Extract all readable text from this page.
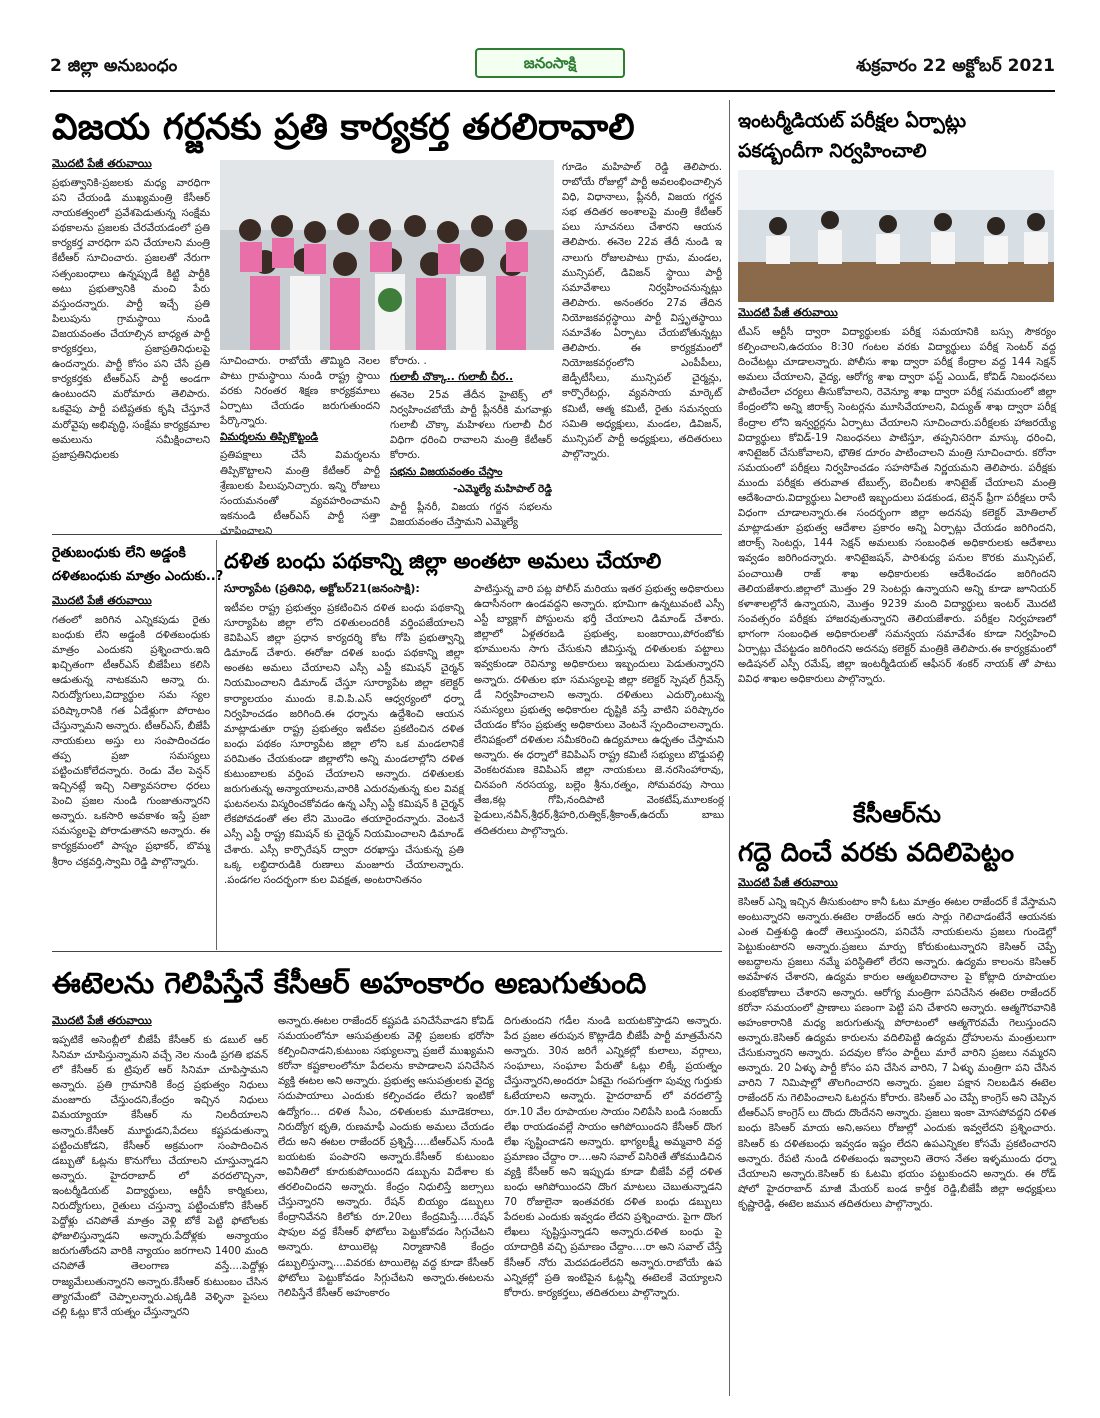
2 జిల్లా అనుబంధం	జనంసాక్షి	శుక్రవారం 22 అక్టోబర్ 2021
విజయ గర్జనకు ప్రతి కార్యకర్త తరలిరావాలి
మొదటి పేజీ తరువాయి
ప్రభుత్వానికి-ప్రజలకు మధ్య వారధిగా పని చేయండి ముఖ్యమంత్రి కేసీఆర్ నాయకత్వంలో ప్రవేశపెడుతున్న సంక్షేమ పథకాలను ప్రజలకు చేరవేయడంలో ప్రతి కార్యకర్త వారధిగా పని చేయాలని మంత్రి కేటీఆర్ సూచించారు. ప్రజలతో నేరుగా సత్సంబంధాలు ఉన్నప్పుడే కిట్టి పార్టీకి అటు ప్రభుత్వానికి మంచి పేరు వస్తుందన్నారు. పార్టీ ఇచ్చే ప్రతి పిలుపును గ్రామస్థాయి నుండి విజయవంతం చేయాల్సిన బాధ్యత పార్టీ కార్యకర్తలు, ప్రజాప్రతినిధులపై ఉందన్నారు. పార్టీ కోసం పని చేసే ప్రతి కార్యకర్తకు టీఆర్ఎస్ పార్టీ అండగా ఉంటుందని మరోమారు తెలిపారు. ఒకవైపు పార్టీ పటిష్టతకు కృషి చేస్తూనే మరోవైపు అభివృద్ధి, సంక్షేమ కార్యక్రమాల అమలును సమీక్షించాలని ప్రజాప్రతినిధులకు
సూచించారు. రాబోయే తొమ్మిది నెలల పాటు గ్రామస్థాయి నుండి రాష్ట్ర స్థాయి వరకు నిరంతర శిక్షణ కార్యక్రమాలు ఏర్పాటు చేయడం జరుగుతుందని పేర్కొన్నారు.
విమర్శలను తిప్పికొట్టండి
ప్రతిపక్షాలు చేసే విమర్శలను తిప్పికొట్టాలని మంత్రి కేటీఆర్ పార్టీ శ్రేణులకు పిలుపునిచ్చారు. ఇన్ని రోజులు సంయమనంతో వ్యవహరించామని ఇకనుండి టీఆర్ఎస్ పార్టీ సత్తా చూపించాలని
కోరారు. .
గులాబీ చొక్కా.. గులాబీ చీర..
ఈనెల 25వ తేదీన హైటెక్స్ లో నిర్వహించబోయే పార్టీ ప్లీనరీకి మగవాళ్లు గులాబీ చొక్కా మహిళలు గులాబీ చీర విధిగా ధరించి రావాలని మంత్రి కేటీఆర్ కోరారు.
సభను విజయవంతం చేస్తాం
-ఎమ్మెల్యే మహిపాల్ రెడ్డి
పార్టీ ప్లీనరీ, విజయ గర్జన సభలను విజయవంతం చేస్తామని ఎమ్మెల్యే
గూడెం మహిపాల్ రెడ్డి తెలిపారు. రాబోయే రోజుల్లో పార్టీ అవలంభించాల్సిన విధి, విధానాలు, ప్లీనరీ, విజయ గర్జన సభ తదితర అంశాలపై మంత్రి కేటీఆర్ పలు సూచనలు చేశారని ఆయన తెలిపారు. ఈనెల 22వ తేదీ నుండి ఇ నాలుగు రోజులపాటు గ్రామ, మండల, మున్సిపల్, డివిజన్ స్థాయి పార్టీ సమావేశాలు నిర్వహించనున్నట్లు తెలిపారు. అనంతరం 27వ తేదిన నియోజకవర్గస్థాయి పార్టీ విస్తృతస్థాయి సమావేశం ఏర్పాటు చేయబోతున్నట్లు తెలిపారు. ఈ కార్యక్రమంలో నియోజకవర్గంలోని ఎంపీపీలు, జెడ్పీటీసీలు, మున్సిపల్ చైర్మన్లు, కార్పొరేటర్లు, వ్యవసాయ మార్కెట్ కమిటీ, ఆత్మ కమిటీ, రైతు సమన్వయ సమితి అధ్యక్షులు, మండల, డివిజన్, మున్సిపల్ పార్టీ అధ్యక్షులు, తదితరులు పాల్గొన్నారు.
ఇంటర్మీడియట్ పరీక్షల ఏర్పాట్లు
పకడ్బందీగా నిర్వహించాలి
మొదటి పేజీ తరువాయి
టీఎస్ ఆర్టీసీ ద్వారా విద్యార్థులకు పరీక్ష సమయానికి బస్సు సౌకర్యం కల్పించాలని,ఉదయం 8:30 గంటల వరకు విద్యార్థులు పరీక్ష సెంటర్ వద్ద దించేటట్లు చూడాలన్నారు. పోలీసు శాఖ ద్వారా పరీక్ష కేంద్రాల వద్ద 144 సెక్షన్ అమలు చేయాలని, వైద్య, ఆరోగ్య శాఖ ద్వారా ఫస్ట్ ఎయిడ్, కోవిడ్ నిబంధనలు పాటించేలా చర్యలు తీసుకోవాలని, రెవెన్యూ శాఖ ద్వారా పరీక్ష సమయంలో జిల్లా కేంద్రంలోని అన్ని జిరాక్స్ సెంటర్లను మూసివేయాలని, విద్యుత్ శాఖ ద్వారా పరీక్ష కేంద్రాల లోని ఇన్వర్టర్లను ఏర్పాటు చేయాలని సూచించారు.పరీక్షలకు హాజరయ్యే విద్యార్థులు కోవిడ్-19 నిబంధనలు పాటిస్తూ, తప్పనిసరిగా మాస్కు ధరించి, శానిటైజర్ చేసుకోవాలని, భౌతిక దూరం పాటించాలని మంత్రి సూచించారు. కరోనా సమయంలో పరీక్షలు నిర్వహించడం సహసోపేత నిర్ణయమని తెలిపారు. పరీక్షకు ముందు పరీక్షకు తరువాత టేబుల్స్, బెంచీలకు శానిటైజ్ చేయాలని మంత్రి ఆదేశించారు.విద్యార్థులు ఏలాంటి ఇబ్బందులు పడకుండ, టెన్షన్ ఫ్రీగా పరీక్షలు రాసే విధంగా చూడాలన్నారు.ఈ సందర్భంగా జిల్లా అదనపు కలెక్టర్ మోతిలాల్ మాట్లాడుతూ ప్రభుత్వ ఆదేశాల ప్రకారం అన్ని ఏర్పాట్లు చేయడం జరిగిందని, జిరాక్స్ సెంటర్లు, 144 సెక్షన్ అమలుకు సంబంధిత అధికారులకు ఆదేశాలు ఇవ్వడం జరిగిందన్నారు. శానిటైజషన్, పారిశుధ్య పనుల కొరకు మున్సిపల్, పంచాయితీ రాజ్ శాఖ అధికారులకు ఆదేశించడం జరిగిందని తెలియజేశారు.జిల్లాలో మొత్తం 29 సెంటర్లు ఉన్నాయని అన్ని కూడా జూనియర్ కళాశాలల్లోనే ఉన్నాయని, మొత్తం 9239 మంది విద్యార్థులు ఇంటర్ మొదటి సంవత్సరం పరీక్షకు హాజరవుతున్నారని తెలియజేశారు. పరీక్షల నిర్వహణలో భాగంగా సంబంధిత అధికారులతో సమన్వయ సమావేశం కూడా నిర్వహించి ఏర్పాట్లు చేపట్టడం జరిగిందని అదనపు కలెక్టర్ మంత్రికి తెలిపారు.ఈ కార్యక్రమంలో అడిషనల్ ఎస్పీ రమేష్, జిల్లా ఇంటర్మీడియట్ ఆఫీసర్ శంకర్ నాయక్ తో పాటు వివిధ శాఖల అధికారులు పాల్గొన్నారు.
రైతుబంధుకు లేని అడ్డంకి
దళితబంధుకు మాత్రం ఎందుకు..?
మొదటి పేజీ తరువాయి
గతంలో జరిగిన ఎన్నికపుడు రైతు బంధుకు లేని అడ్డంకి దళితబంధుకు మాత్రం ఎందుకని ప్రశ్నించారు.ఇది ఖచ్చితంగా టీఆర్ఎస్ బీజేపీలు కలిసి ఆడుతున్న నాటకమని అన్నా రు. నిరుద్యోగులు,విద్యార్థుల సమ స్యల పరిష్కారానికి గత ఏడేళ్లుగా పోరాటం చేస్తున్నామని అన్నారు. టీఆర్ఎస్, బీజేపీ నాయకులు అస్తు లు సంపాదించడం తప్ప ప్రజా సమస్యలు పట్టించుకోలేదన్నారు. రెండు వేల పెన్షన్ ఇచ్చినట్లే ఇచ్చి నిత్యావసరాల ధరలు పెంచి ప్రజల నుండి గుంజుతున్నారని అన్నారు. ఒకసారి అవకాశం ఇస్తే ప్రజా సమస్యలపై పోరాడుతానని అన్నారు. ఈ కార్యక్రమంలో పాస్నం ప్రభాకర్, బొమ్మ శ్రీరాం చక్రవర్తి,స్వామి రెడ్డి పాల్గొన్నారు.
దళిత బంధు పథకాన్ని జిల్లా అంతటా అమలు చేయాలి
సూర్యాపేట (ప్రతినిధి, అక్టోబర్21(జనంసాక్షి):
ఇటీవల రాష్ట్ర ప్రభుత్వం ప్రకటించిన దళిత బంధు పథకాన్ని సూర్యాపేట జిల్లా లోని దళితులందరికీ వర్తింపజేయాలని కెవిపిఎస్ జిల్లా ప్రధాన కార్యదర్శి కోట గోపి ప్రభుత్వాన్ని డిమాండ్ చేశారు. ఈరోజు దళిత బంధు పథకాన్ని జిల్లా అంతట అమలు చేయాలని ఎస్సీ ఎస్టీ కమిషన్ చైర్మన్ నియమించాలని డిమాండ్ చేస్తూ సూర్యాపేట జిల్లా కలెక్టర్ కార్యాలయం ముందు కె.వి.పి.ఎస్ ఆధ్వర్యంలో ధర్నా నిర్వహించడం జరిగింది.ఈ ధర్నాను ఉద్దేశించి ఆయన మాట్లాడుతూ రాష్ట్ర ప్రభుత్వం ఇటీవల ప్రకటించిన దళిత బంధు పథకం సూర్యాపేట జిల్లా లోని ఒక మండలానికే పరిమితం చేయకుండా జిల్లాలోని అన్ని మండలాల్లోని దళిత కుటుంబాలకు వర్తింప చేయాలని అన్నారు. దళితులకు జరుగుతున్న అన్యాయాలను,వారికి ఎదురవుతున్న కుల వివక్ష ఘటనలను విస్మరించకోవడం ఉన్న ఎస్సీ ఎస్టీ కమిషన్ కి చైర్మన్ లేకపోవడంతో తల లేని మొండెం తయారైందన్నారు. వెంటనే ఎస్సీ ఎస్టీ రాష్ట్ర కమిషన్ కు చైర్మన్ నియమించాలని డిమాండ్ చేశారు. ఎస్సీ కార్పొరేషన్ ద్వారా దరఖాస్తు చేసుకున్న ప్రతి ఒక్క లబ్ధిదారుడికి రుణాలు మంజూరు చేయాలన్నారు. .పండగల సందర్భంగా కుల వివక్షత, అంటరానితనం
పాటిస్తున్న వారి పట్ల పోలీస్ మరియు ఇతర ప్రభుత్వ అధికారులు ఉదాసీనంగా ఉండవద్దని అన్నారు. భూమిగా ఉన్నటువంటి ఎస్సీ ఎస్టీ బ్యాక్లాగ్ పోస్టులను భర్తీ చేయాలని డిమాండ్ చేశారు. జిల్లాలో ఏళ్లతరబడి ప్రభుత్వ, బంజరాయి,పోరంబోకు భూములను సాగు చేసుకుని జీవిస్తున్న దళితులకు పట్టాలు ఇవ్వకుండా రెవిన్యూ అధికారులు ఇబ్బందులు పెడుతున్నారని అన్నారు. దళితుల భూ సమస్యలపై జిల్లా కలెక్టర్ స్పెషల్ గ్రీవెన్స్ డే నిర్వహించాలని అన్నారు. దళితులు ఎదుర్కొంటున్న సమస్యలు ప్రభుత్వ అధికారుల దృష్టికి వస్తే వాటిని పరిష్కారం చేయడం కోసం ప్రభుత్వ అధికారులు వెంటనే స్పందించాలన్నారు. లేనిపక్షంలో దళితుల సమీకరించి ఉద్యమాలు ఉధృతం చేస్తామని అన్నారు. ఈ ధర్నాలో కెవిపిఎస్ రాష్ట్ర కమిటీ సభ్యులు బొడ్డుపల్లి వెంకటరమణ కెవిపిఎస్ జిల్లా నాయకులు జె.నరసింహారావు, చినపంగి నరసయ్య, బల్లెం శ్రీను,రత్నం, సోమవరపు సాయి తేజ,కట్ల గోపి,నందిపాటి వెంకటేష్,మూలకంఠ్ల పైడులు,నవీన్,శ్రీధర్,శ్రీహరి,రుత్విక్,శ్రీకాంత్,ఉదయ్ బాబు తదితరులు పాల్గొన్నారు.
కేసీఆర్‌ను
గద్దె దించే వరకు వదిలిపెట్టం
మొదటి పేజీ తరువాయి
కెసిఆర్ ఎన్ని ఇచ్చిన తీసుకుంటాం కానీ ఓటు మాత్రం ఈటల రాజేందర్ కే వేస్తామని అంటున్నారని అన్నారు.ఈటెల రాజేందర్ ఆరు సార్లు గెలిచాడంటేనే ఆయనకు ఎంత చిత్తశుద్ధి ఉందో తెలుస్తుందని, పనిచేసే నాయకులను ప్రజలు గుండెల్లో పెట్టుకుంటారని అన్నారు.ప్రజలు మార్పు కోరుకుంటున్నారని కెసిఆర్ చెప్పే అబద్ధాలను ప్రజలు నమ్మే పరిస్థితిలో లేరని అన్నారు. ఉద్యమ కాలంను కెసిఆర్ అవహేళన చేశారని, ఉద్యమ కారుల ఆత్మబలిదానాల పై కోట్లాది రూపాయల కుంభకోణాలు చేశారని అన్నారు. ఆరోగ్య మంత్రిగా పనిచేసిన ఈటెల రాజేందర్ కరోనా సమయంలో ప్రాణాలు పణంగా పెట్టి పని చేశారని అన్నారు. ఆత్మగౌరవానికి అహంకారానికి మధ్య జరుగుతున్న పోరాటంలో ఆత్మగౌరవమే గెలుస్తుందని అన్నారు.కెసిఆర్ ఉద్యమ కారులను వదిలిపెట్టి ఉద్యమ ద్రోహులను మంత్రులుగా చేసుకున్నారని అన్నారు. పదవుల కోసం పార్టీలు మారే వారిని ప్రజలు నమ్మరని అన్నారు. 20 ఏళ్ళు పార్టీ కోసం పని చేసిన వారిని, 7 ఏళ్ళు మంత్రిగా పని చేసిన వారిని 7 నిమిషాల్లో తొలగించారని అన్నారు. ప్రజల పక్షాన నిలబడిన ఈటెల రాజేందర్ ను గెలిపించాలని ఓటర్లను కోరారు. కెసిఆర్ ఎం చెప్పే కాంగ్రెస్ అని చెప్పిన టీఆర్ఎస్ కాంగ్రెస్ లు దొందు దొందేనని అన్నారు. ప్రజలు ఇంకా మోసపోవద్దని దళిత బంధు కెసిఆర్ మాయ అని,అసలు రోజుల్లో ఎందుకు ఇవ్వలేదని ప్రశ్నించారు. కెసిఆర్ కు దళితబంధు ఇవ్వడం ఇష్టం లేదని ఉపఎన్నికల కోసమే ప్రకటించారని అన్నారు. రేపటి నుండి దళితబంధు ఇవ్వాలని తెరాస నేతల ఇళ్ళముందు ధర్నా చేయాలని అన్నారు.కెసిఆర్ కు ఓటమి భయం పట్టుకుందని అన్నారు. ఈ రోడ్ షోలో హైదరాబాద్ మాజీ మేయర్ బండ కార్తీక రెడ్డి,బీజేపీ జిల్లా అధ్యక్షులు కృష్ణారెడ్డి, ఈటెల జమున తదితరులు పాల్గొన్నారు.
ఈటెలను గెలిపిస్తేనే కేసీఆర్ అహంకారం అణుగుతుంది
మొదటి పేజీ తరువాయి
ఇప్పటికే అసెంబ్లీలో బీజేపీ కేసీఆర్ కు డబుల్ ఆర్ సినిమా చూపిస్తున్నామని వచ్చే నెల నుండి ప్రగతి భవన్ లో కేసీఆర్ కు ట్రిపుల్ ఆర్ సినిమా చూపిస్తామని అన్నారు. ప్రతి గ్రామానికి కేంద్ర ప్రభుత్వం నిధులు మంజూరు చేస్తుందని,కేంద్రం ఇచ్చిన నిధులు విమయ్యాయా కేసీఆర్ ను నిలదీయాలని అన్నారు.కేసీఆర్ మూర్ఖుడని,పేదలు కష్టపడుతున్నా పట్టించుకోడని, కేసీఆర్ అక్రమంగా సంపాదించిన డబ్బుతో ఓట్లను కొనుగోలు చేయాలని చూస్తున్నాడని అన్నారు. హైదరాబాద్ లో వరదలొచ్చినా, ఇంటర్మీడియట్ విద్యార్థులు, ఆర్టీసీ కార్మికులు, నిరుద్యోగులు, రైతులు చస్తున్నా పట్టించుకోని కేసీఆర్ పెద్దోళ్లు చనిపోతే మాత్రం వెళ్లి బోకే పెట్టి ఫోటోలకు ఫోజులిస్తున్నాడని అన్నారు.పేదోళ్లకు అన్యాయం జరుగుతోందని వారికి న్యాయం జరగాలని 1400 మంది చనిపోతే తెలంగాణ వస్తే....పెద్దోళ్లు రాజ్యమేలుతున్నారని అన్నారు.కేసీఆర్ కుటుంబం చేసిన త్యాగమేంటో చెప్పాలన్నారు.ఎక్కడికి వెళ్ళినా పైసలు చల్లి ఓట్లు కొనే యత్నం చేస్తున్నారని
అన్నారు.ఈటల రాజేందర్ కష్టపడి పనిచేసేవాడని కోవిడ్ సమయంలోనూ ఆసుపత్రులకు వెళ్లి ప్రజలకు భరోసా కల్పించినాడని,కుటుంబ సభ్యులన్నా ప్రజలే ముఖ్యమని కరోనా కష్టకాలంలోనూ పేదలను కాపాడాలని పనిచేసిన వ్యక్తి ఈటల అని అన్నారు. ప్రభుత్వ ఆసుపత్రులకు వైద్య సదుపాయాలు ఎందుకు కల్పించడం లేదు? ఇంటికో ఉద్యోగం... దళిత సీఎం, దళితులకు మూడెకరాలు, నిరుద్యోగ భృతి, రుణమాఫీ ఎందుకు అమలు చేయడం లేదు అని ఈటల రాజేందర్ ప్రశ్నిస్తే.....టీఆర్ఎస్ నుండి బయటకు పంపారని అన్నారు.కేసీఆర్ కుటుంబం అవినీతిలో కూరుకుపోయిందని డబ్బును విదేశాల కు తరలించిందని అన్నారు. కేంద్రం నిధులిస్తే జల్సాలు చేస్తున్నారని అన్నారు. రేషన్ బియ్యం డబ్బులు కేంద్రానివేనని కిలోకు రూ.20లు కేంద్రమిస్తే.....రేషన్ షాపుల వద్ద కేసీఆర్ ఫోటోలు పెట్టుకోవడం సిగ్గుచేటని అన్నారు. టాయిలెట్ల నిర్మాణానికి కేంద్రం డబ్బులిస్తున్నా....వివరకు టాయిలెట్ల వద్ద కూడా కేసీఆర్ ఫోటోలు పెట్టుకోవడం సిగ్గుచేటని అన్నారు.ఈటలను గెలిపిస్తేనే కేసీఆర్ అహంకారం
దిగుతుందని గడీల నుండి బయటకొస్తాడని అన్నారు. పేద ప్రజల తరుపున కొట్లాడేది బీజేపీ పార్టీ మాత్రమేనని అన్నారు. 30న జరిగే ఎన్నికల్లో కులాలు, వర్గాలు, సంఘాలు, సంఘాల పేరుతో ఓట్లు లిక్కే ప్రయత్నం చేస్తున్నారని,అందరూ ఏకమై గంపగుత్తగా పువ్వు గుర్తుకు ఓటేయాలని అన్నారు. హైదరాబాద్ లో వరదలొస్తే రూ.10 వేల రూపాయల సాయం నిలిపేసి బండి సంజయ్ లేఖ రాయడంవల్లే సాయం ఆగిపోయిందని కేసీఆర్ దొంగ లేఖ సృష్టించాడని అన్నారు. భాగ్యలక్ష్మీ అమ్మవారి వద్ద ప్రమాణం చేద్దాం రా....అని సవాల్ విసిరితే తోకముడిచిన వ్యక్తి కేసీఆర్ అని ఇప్పుడు కూడా బీజేపీ వల్లే దళిత బంధు ఆగిపోయిందని దొంగ మాటలు చెబుతున్నాడని 70 రోజులైనా ఇంతవరకు దళిత బంధు డబ్బులు పేదలకు ఎందుకు ఇవ్వడం లేదని ప్రశ్నించారు. పైగా దొంగ లేఖలు సృష్టిస్తున్నాడని అన్నారు.దళిత బంధు పై యాదాద్రికి వచ్చి ప్రమాణం చేద్దాం....రా అని సవాల్ చేస్తే కేసీఆర్ నోరు మెదపడంలేదని అన్నారు.రాబోయే ఉప ఎన్నికల్లో ప్రతి ఇంటిపైన ఓట్లన్నీ ఈటెలకే వెయ్యాలని కోరారు. కార్యకర్తలు, తదితరులు పాల్గొన్నారు.
